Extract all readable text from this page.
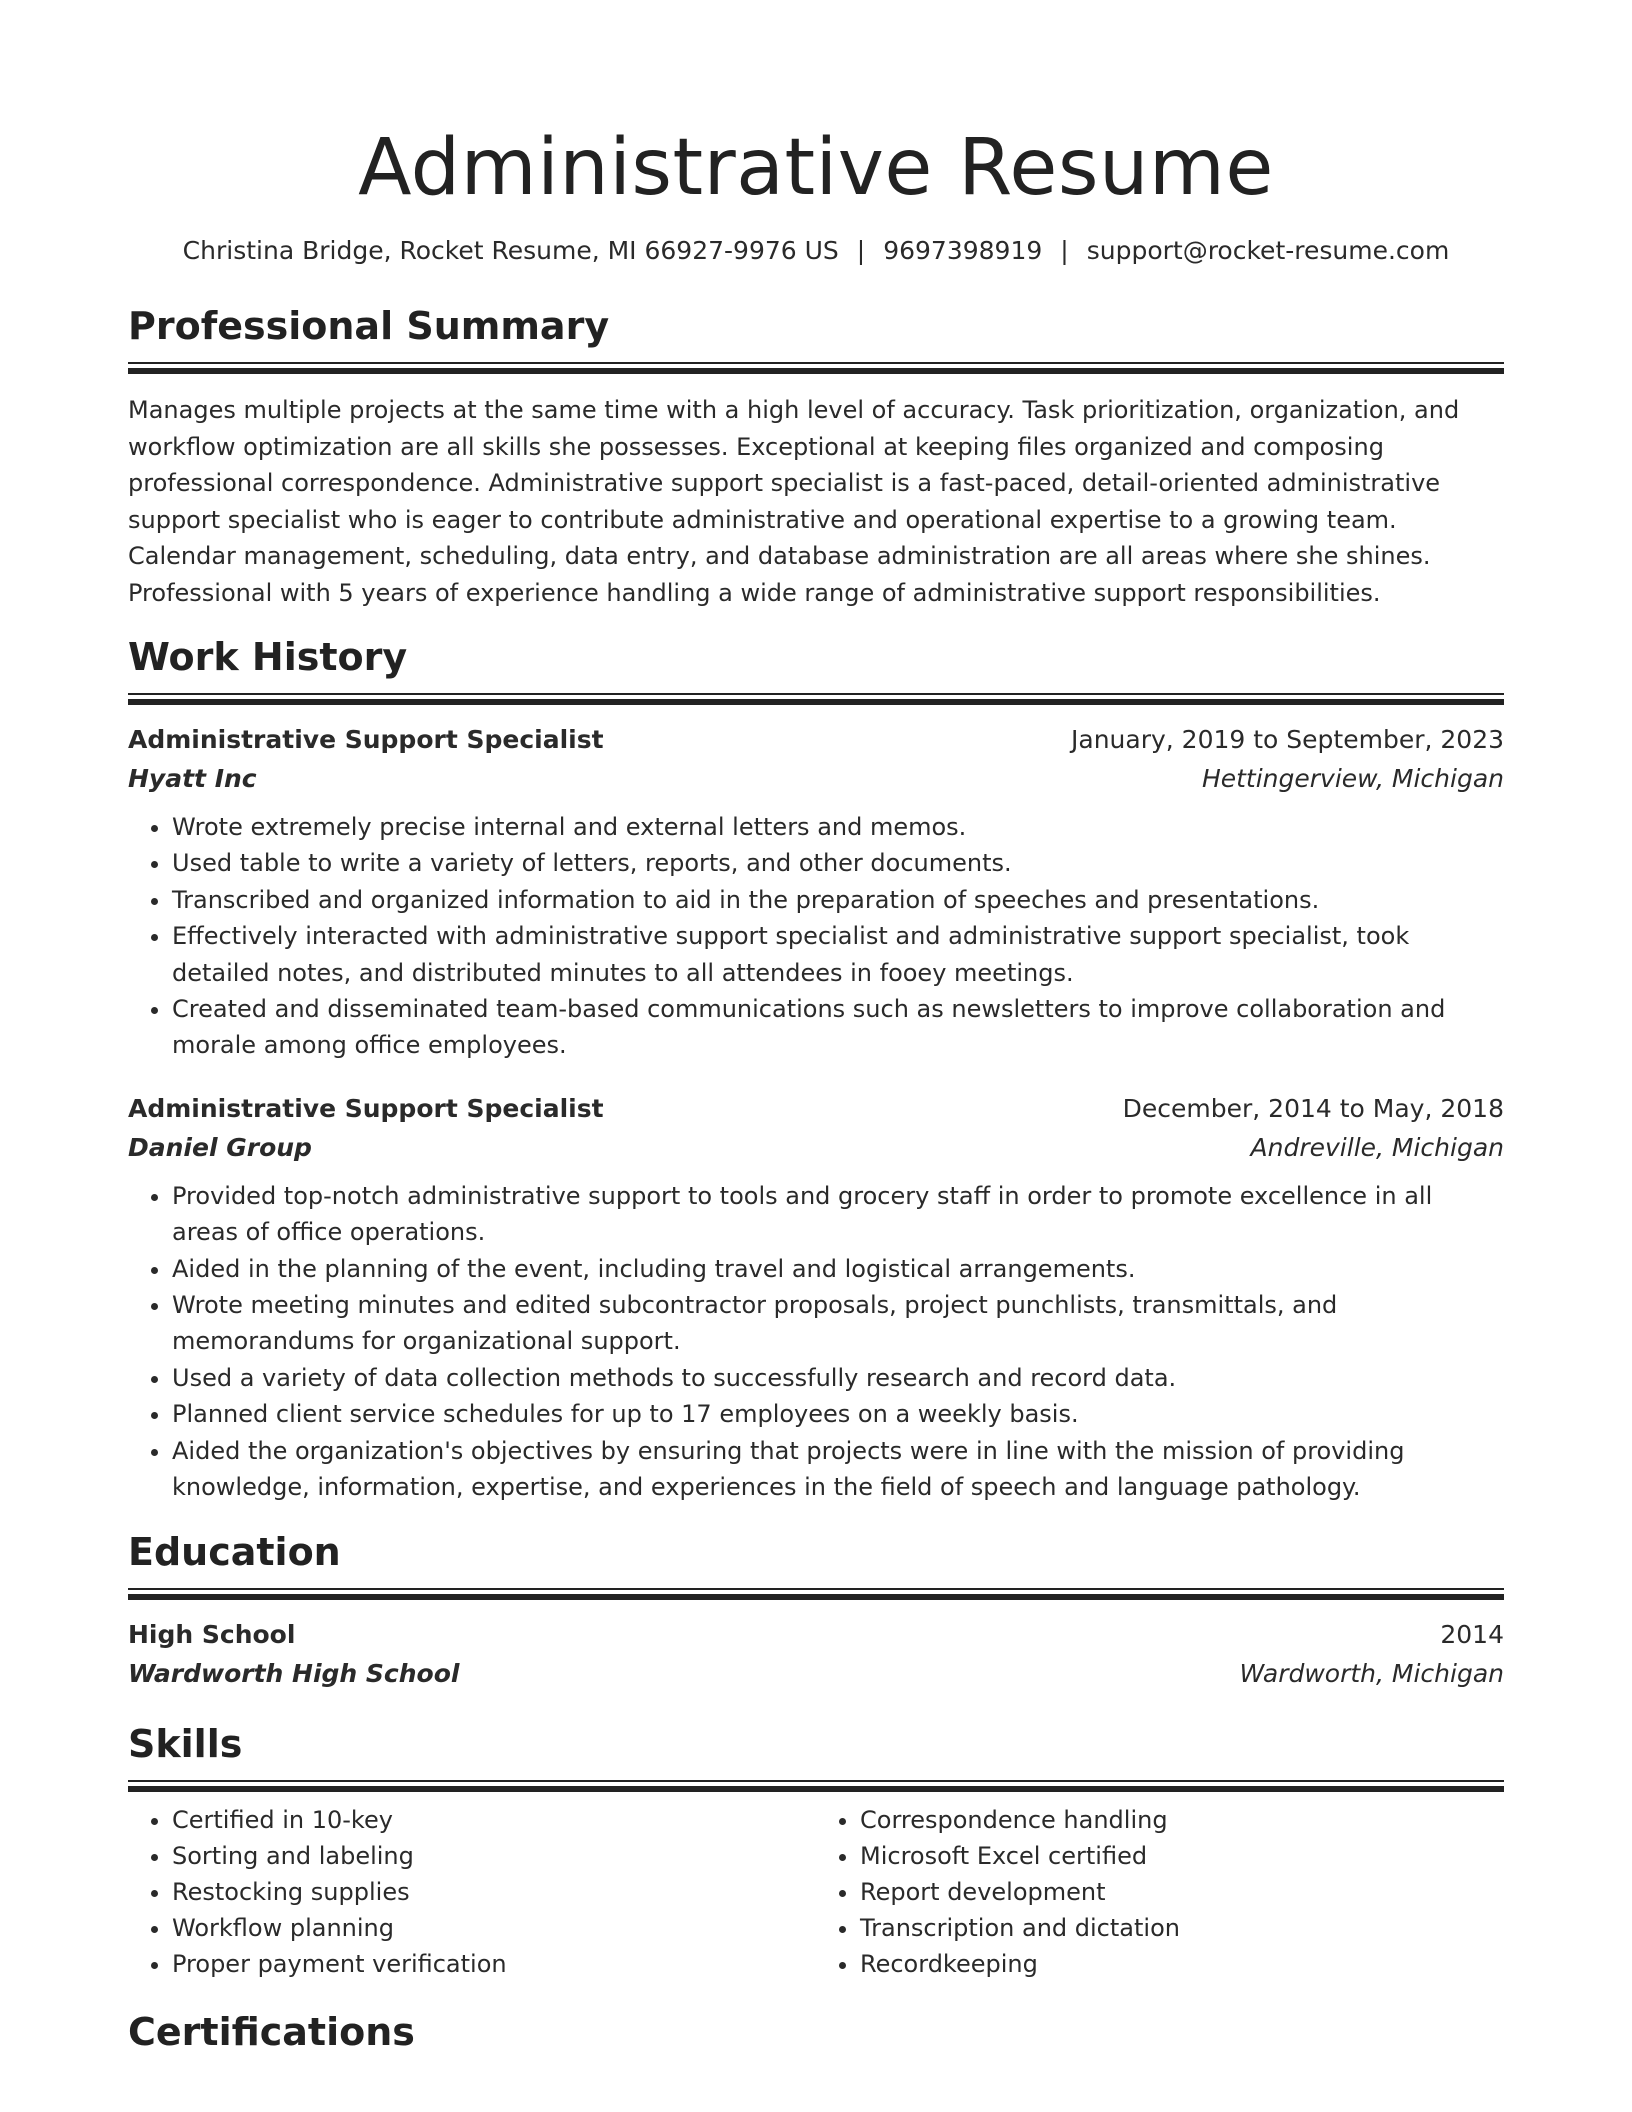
Administrative Resume
Christina Bridge, Rocket Resume, MI 66927-9976 US | 9697398919 | support@rocket-resume.com
Professional Summary
Manages multiple projects at the same time with a high level of accuracy. Task prioritization, organization, and workflow optimization are all skills she possesses. Exceptional at keeping files organized and composing professional correspondence. Administrative support specialist is a fast-paced, detail-oriented administrative support specialist who is eager to contribute administrative and operational expertise to a growing team. Calendar management, scheduling, data entry, and database administration are all areas where she shines. Professional with 5 years of experience handling a wide range of administrative support responsibilities.
Work History
Administrative Support Specialist	January, 2019 to September, 2023
Hyatt Inc	Hettingerview, Michigan
• Wrote extremely precise internal and external letters and memos.
• Used table to write a variety of letters, reports, and other documents.
• Transcribed and organized information to aid in the preparation of speeches and presentations.
• Effectively interacted with administrative support specialist and administrative support specialist, took detailed notes, and distributed minutes to all attendees in fooey meetings.
• Created and disseminated team-based communications such as newsletters to improve collaboration and morale among office employees.
Administrative Support Specialist	December, 2014 to May, 2018
Daniel Group	Andreville, Michigan
• Provided top-notch administrative support to tools and grocery staff in order to promote excellence in all areas of office operations.
• Aided in the planning of the event, including travel and logistical arrangements.
• Wrote meeting minutes and edited subcontractor proposals, project punchlists, transmittals, and memorandums for organizational support.
• Used a variety of data collection methods to successfully research and record data.
• Planned client service schedules for up to 17 employees on a weekly basis.
• Aided the organization's objectives by ensuring that projects were in line with the mission of providing knowledge, information, expertise, and experiences in the field of speech and language pathology.
Education
High School	2014
Wardworth High School	Wardworth, Michigan
Skills
• Certified in 10-key
• Sorting and labeling
• Restocking supplies
• Workflow planning
• Proper payment verification
• Correspondence handling
• Microsoft Excel certified
• Report development
• Transcription and dictation
• Recordkeeping
Certifications
